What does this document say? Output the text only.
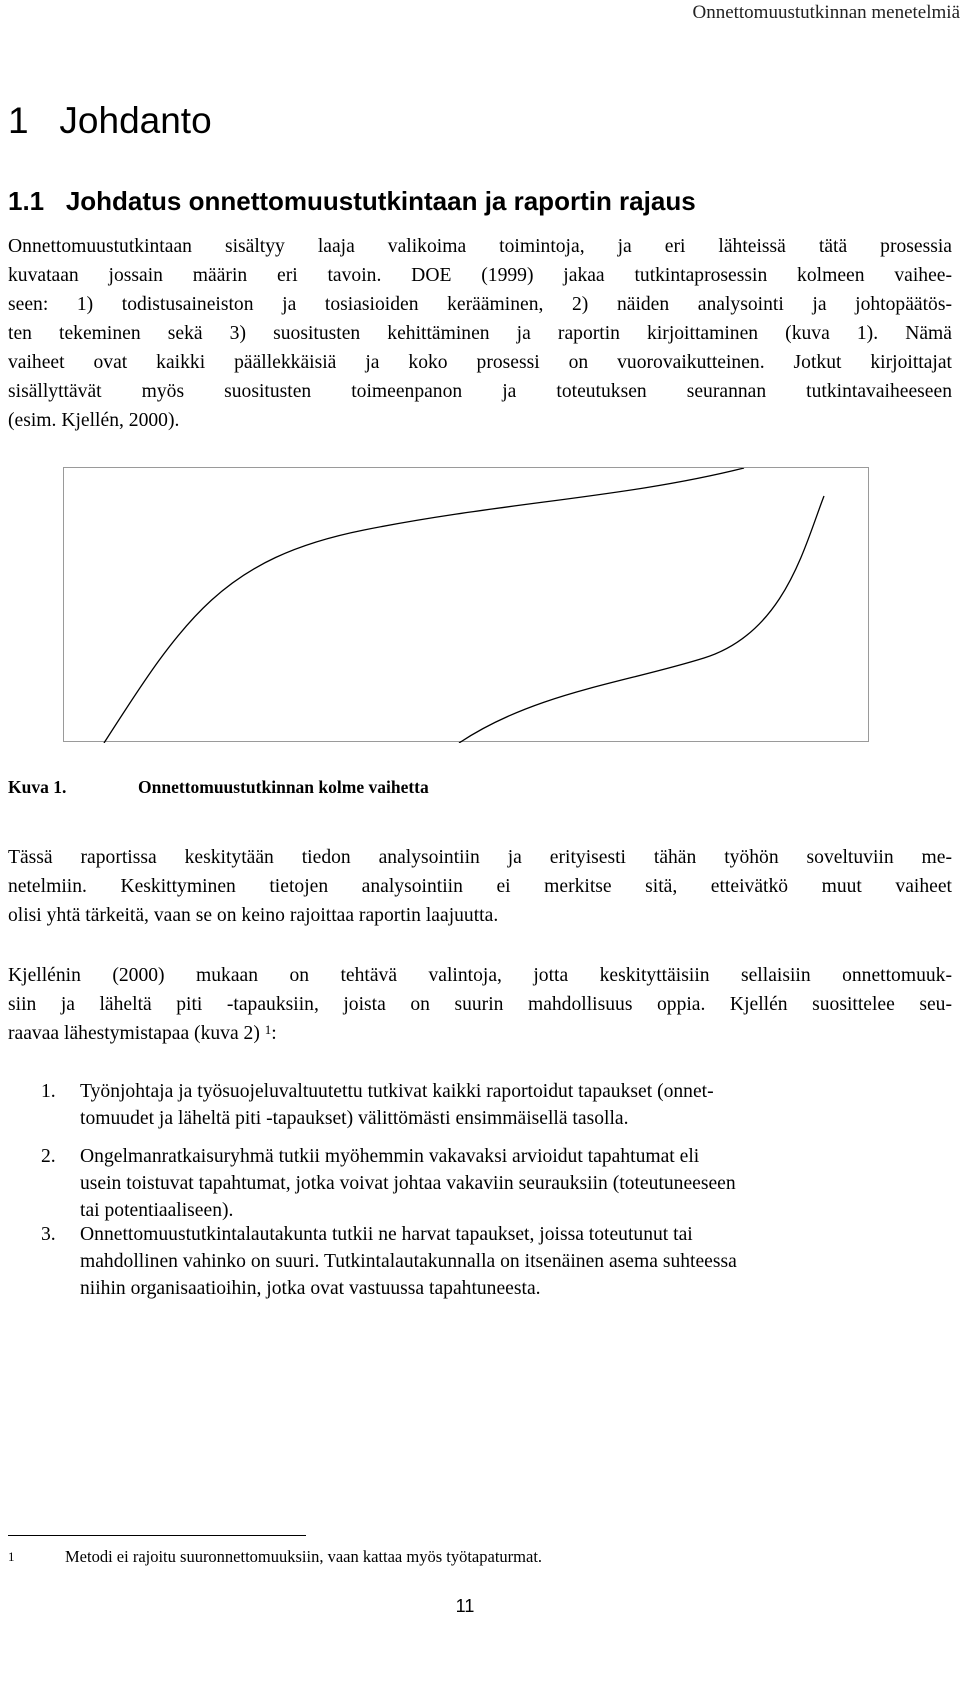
Onnettomuustutkinnan menetelmiä
1   Johdanto
1.1   Johdatus onnettomuustutkintaan ja raportin rajaus
Onnettomuustutkintaan sisältyy laaja valikoima toimintoja, ja eri lähteissä tätä prosessia
kuvataan jossain määrin eri tavoin. DOE (1999) jakaa tutkintaprosessin kolmeen vaihee-
seen: 1) todistusaineiston ja tosiasioiden kerääminen, 2) näiden analysointi ja johtopäätös-
ten tekeminen sekä 3) suositusten kehittäminen ja raportin kirjoittaminen (kuva 1). Nämä
vaiheet ovat kaikki päällekkäisiä ja koko prosessi on vuorovaikutteinen. Jotkut kirjoittajat
sisällyttävät myös suositusten toimeenpanon ja toteutuksen seurannan tutkintavaiheeseen
(esim. Kjellén, 2000).
Kuva 1.	Onnettomuustutkinnan kolme vaihetta
Tässä raportissa keskitytään tiedon analysointiin ja erityisesti tähän työhön soveltuviin me-
netelmiin. Keskittyminen tietojen analysointiin ei merkitse sitä, etteivätkö muut vaiheet
olisi yhtä tärkeitä, vaan se on keino rajoittaa raportin laajuutta.
Kjellénin (2000) mukaan on tehtävä valintoja, jotta keskityttäisiin sellaisiin onnettomuuk-
siin ja läheltä piti -tapauksiin, joista on suurin mahdollisuus oppia. Kjellén suosittelee seu-
raavaa lähestymistapaa (kuva 2) $^1$:
1. Työnjohtaja ja työsuojeluvaltuutettu tutkivat kaikki raportoidut tapaukset (onnet-
tomuudet ja läheltä piti -tapaukset) välittömästi ensimmäisellä tasolla.
2. Ongelmanratkaisuryhmä tutkii myöhemmin vakavaksi arvioidut tapahtumat eli
usein toistuvat tapahtumat, jotka voivat johtaa vakaviin seurauksiin (toteutuneeseen
tai potentiaaliseen).
3. Onnettomuustutkintalautakunta tutkii ne harvat tapaukset, joissa toteutunut tai
mahdollinen vahinko on suuri. Tutkintalautakunnalla on itsenäinen asema suhteessa
niihin organisaatioihin, jotka ovat vastuussa tapahtuneesta.
1	Metodi ei rajoitu suuronnettomuuksiin, vaan kattaa myös työtapaturmat.
11
